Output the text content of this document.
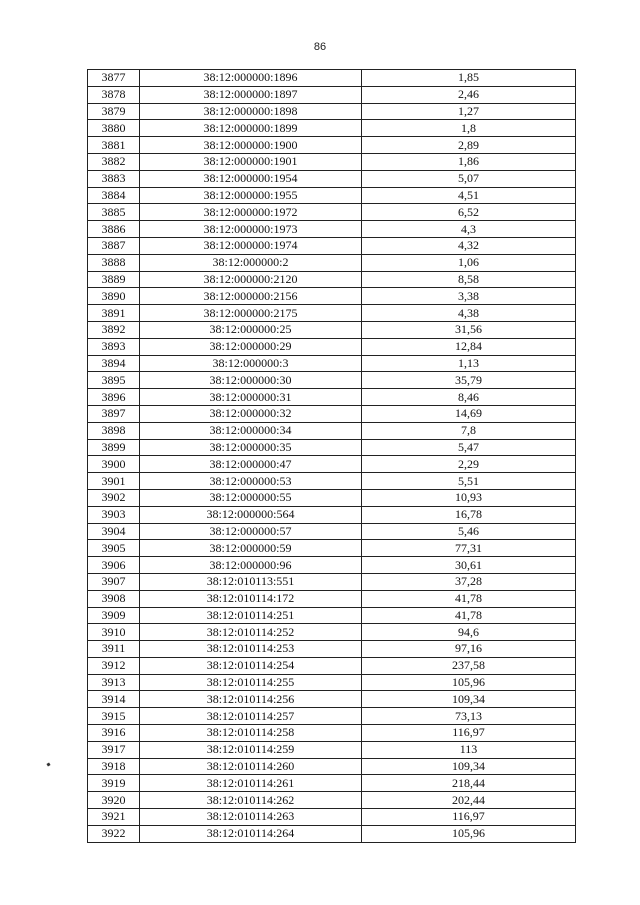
86
3877	38:12:000000:1896	1,85
3878	38:12:000000:1897	2,46
3879	38:12:000000:1898	1,27
3880	38:12:000000:1899	1,8
3881	38:12:000000:1900	2,89
3882	38:12:000000:1901	1,86
3883	38:12:000000:1954	5,07
3884	38:12:000000:1955	4,51
3885	38:12:000000:1972	6,52
3886	38:12:000000:1973	4,3
3887	38:12:000000:1974	4,32
3888	38:12:000000:2	1,06
3889	38:12:000000:2120	8,58
3890	38:12:000000:2156	3,38
3891	38:12:000000:2175	4,38
3892	38:12:000000:25	31,56
3893	38:12:000000:29	12,84
3894	38:12:000000:3	1,13
3895	38:12:000000:30	35,79
3896	38:12:000000:31	8,46
3897	38:12:000000:32	14,69
3898	38:12:000000:34	7,8
3899	38:12:000000:35	5,47
3900	38:12:000000:47	2,29
3901	38:12:000000:53	5,51
3902	38:12:000000:55	10,93
3903	38:12:000000:564	16,78
3904	38:12:000000:57	5,46
3905	38:12:000000:59	77,31
3906	38:12:000000:96	30,61
3907	38:12:010113:551	37,28
3908	38:12:010114:172	41,78
3909	38:12:010114:251	41,78
3910	38:12:010114:252	94,6
3911	38:12:010114:253	97,16
3912	38:12:010114:254	237,58
3913	38:12:010114:255	105,96
3914	38:12:010114:256	109,34
3915	38:12:010114:257	73,13
3916	38:12:010114:258	116,97
3917	38:12:010114:259	113
3918	38:12:010114:260	109,34
3919	38:12:010114:261	218,44
3920	38:12:010114:262	202,44
3921	38:12:010114:263	116,97
3922	38:12:010114:264	105,96
